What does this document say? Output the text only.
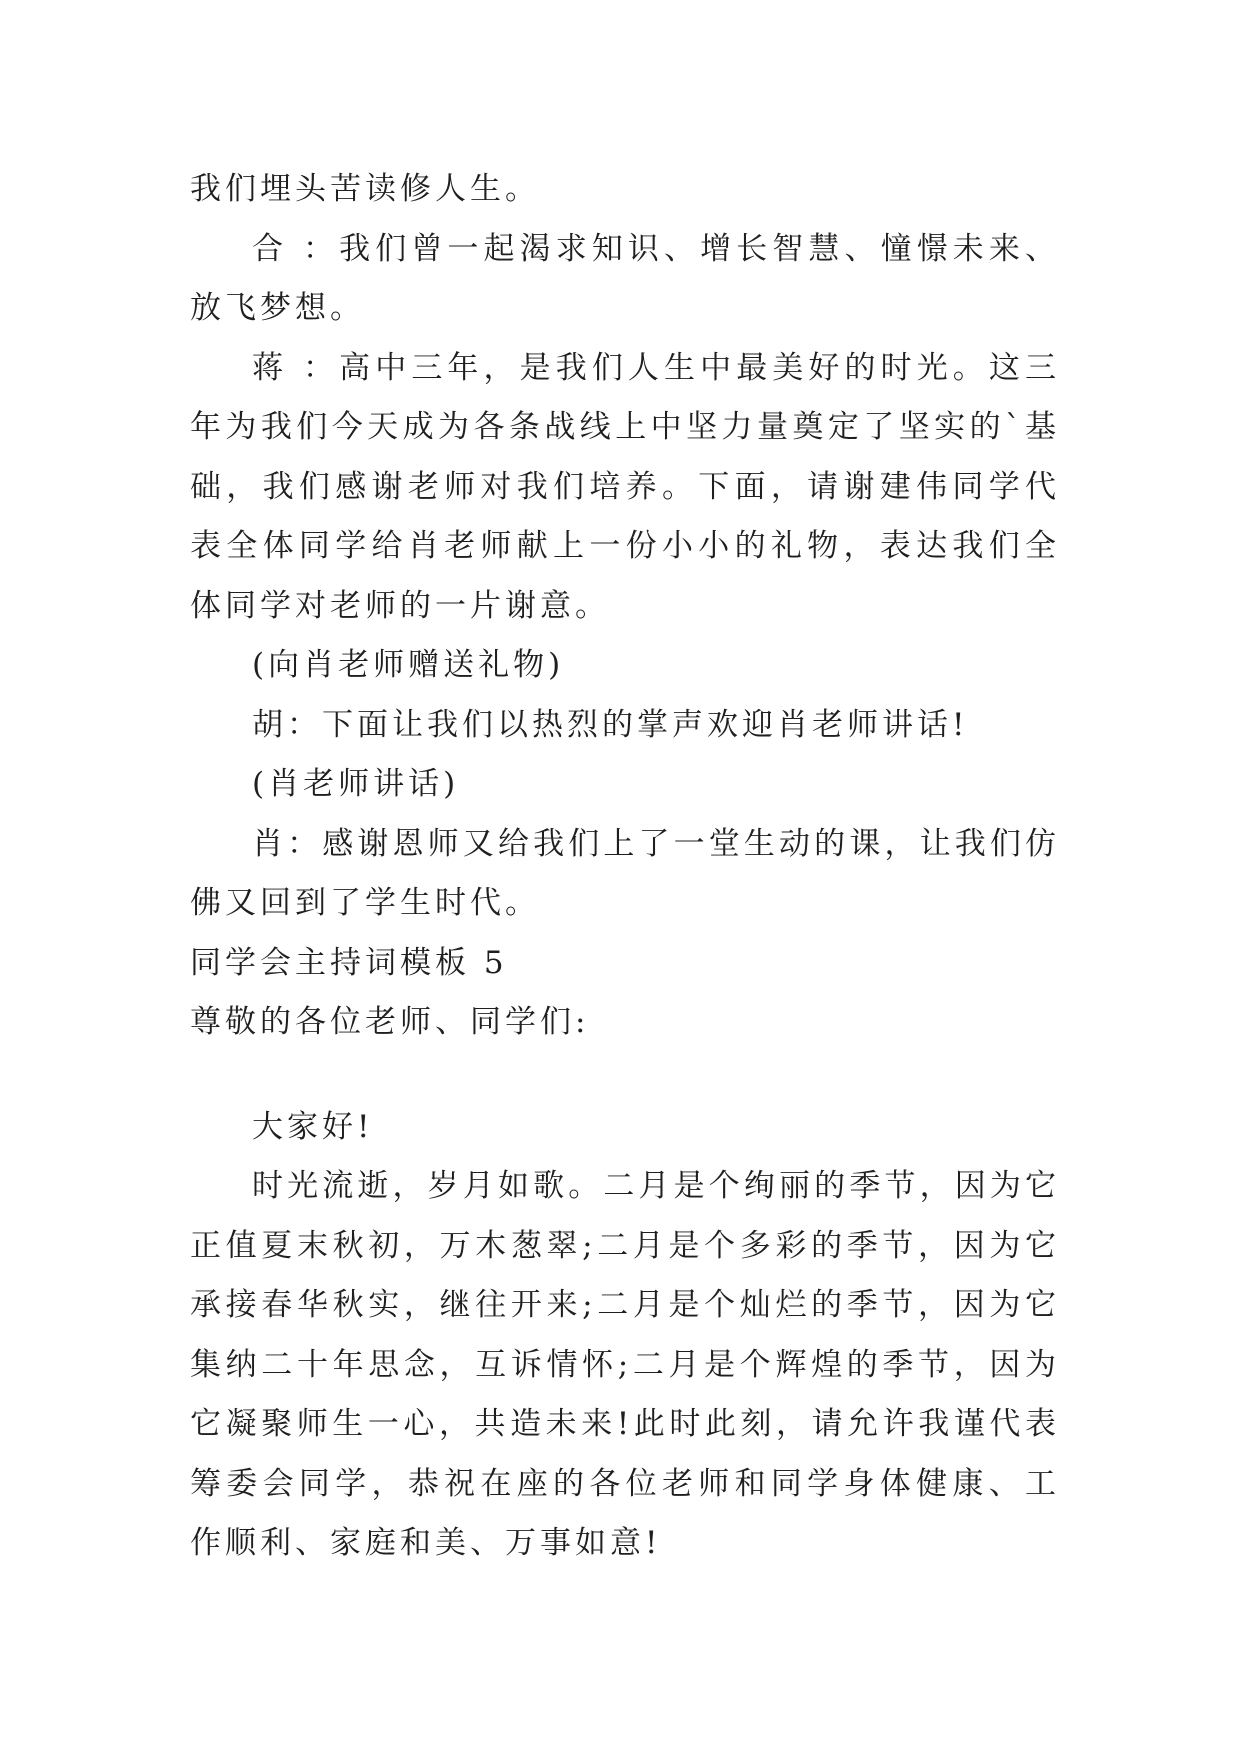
我们埋头苦读修人生。

合 ：我们曾一起渴求知识、增长智慧、憧憬未来、放飞梦想。

蒋 ：高中三年，是我们人生中最美好的时光。这三年为我们今天成为各条战线上中坚力量奠定了坚实的`基础，我们感谢老师对我们培养。下面，请谢建伟同学代表全体同学给肖老师献上一份小小的礼物，表达我们全体同学对老师的一片谢意。

(向肖老师赠送礼物)

胡：下面让我们以热烈的掌声欢迎肖老师讲话!

(肖老师讲话)

肖：感谢恩师又给我们上了一堂生动的课，让我们仿佛又回到了学生时代。

同学会主持词模板 5

尊敬的各位老师、同学们:

大家好!

时光流逝，岁月如歌。二月是个绚丽的季节，因为它正值夏末秋初，万木葱翠;二月是个多彩的季节，因为它承接春华秋实，继往开来;二月是个灿烂的季节，因为它集纳二十年思念，互诉情怀;二月是个辉煌的季节，因为它凝聚师生一心，共造未来!此时此刻，请允许我谨代表筹委会同学，恭祝在座的各位老师和同学身体健康、工作顺利、家庭和美、万事如意!
